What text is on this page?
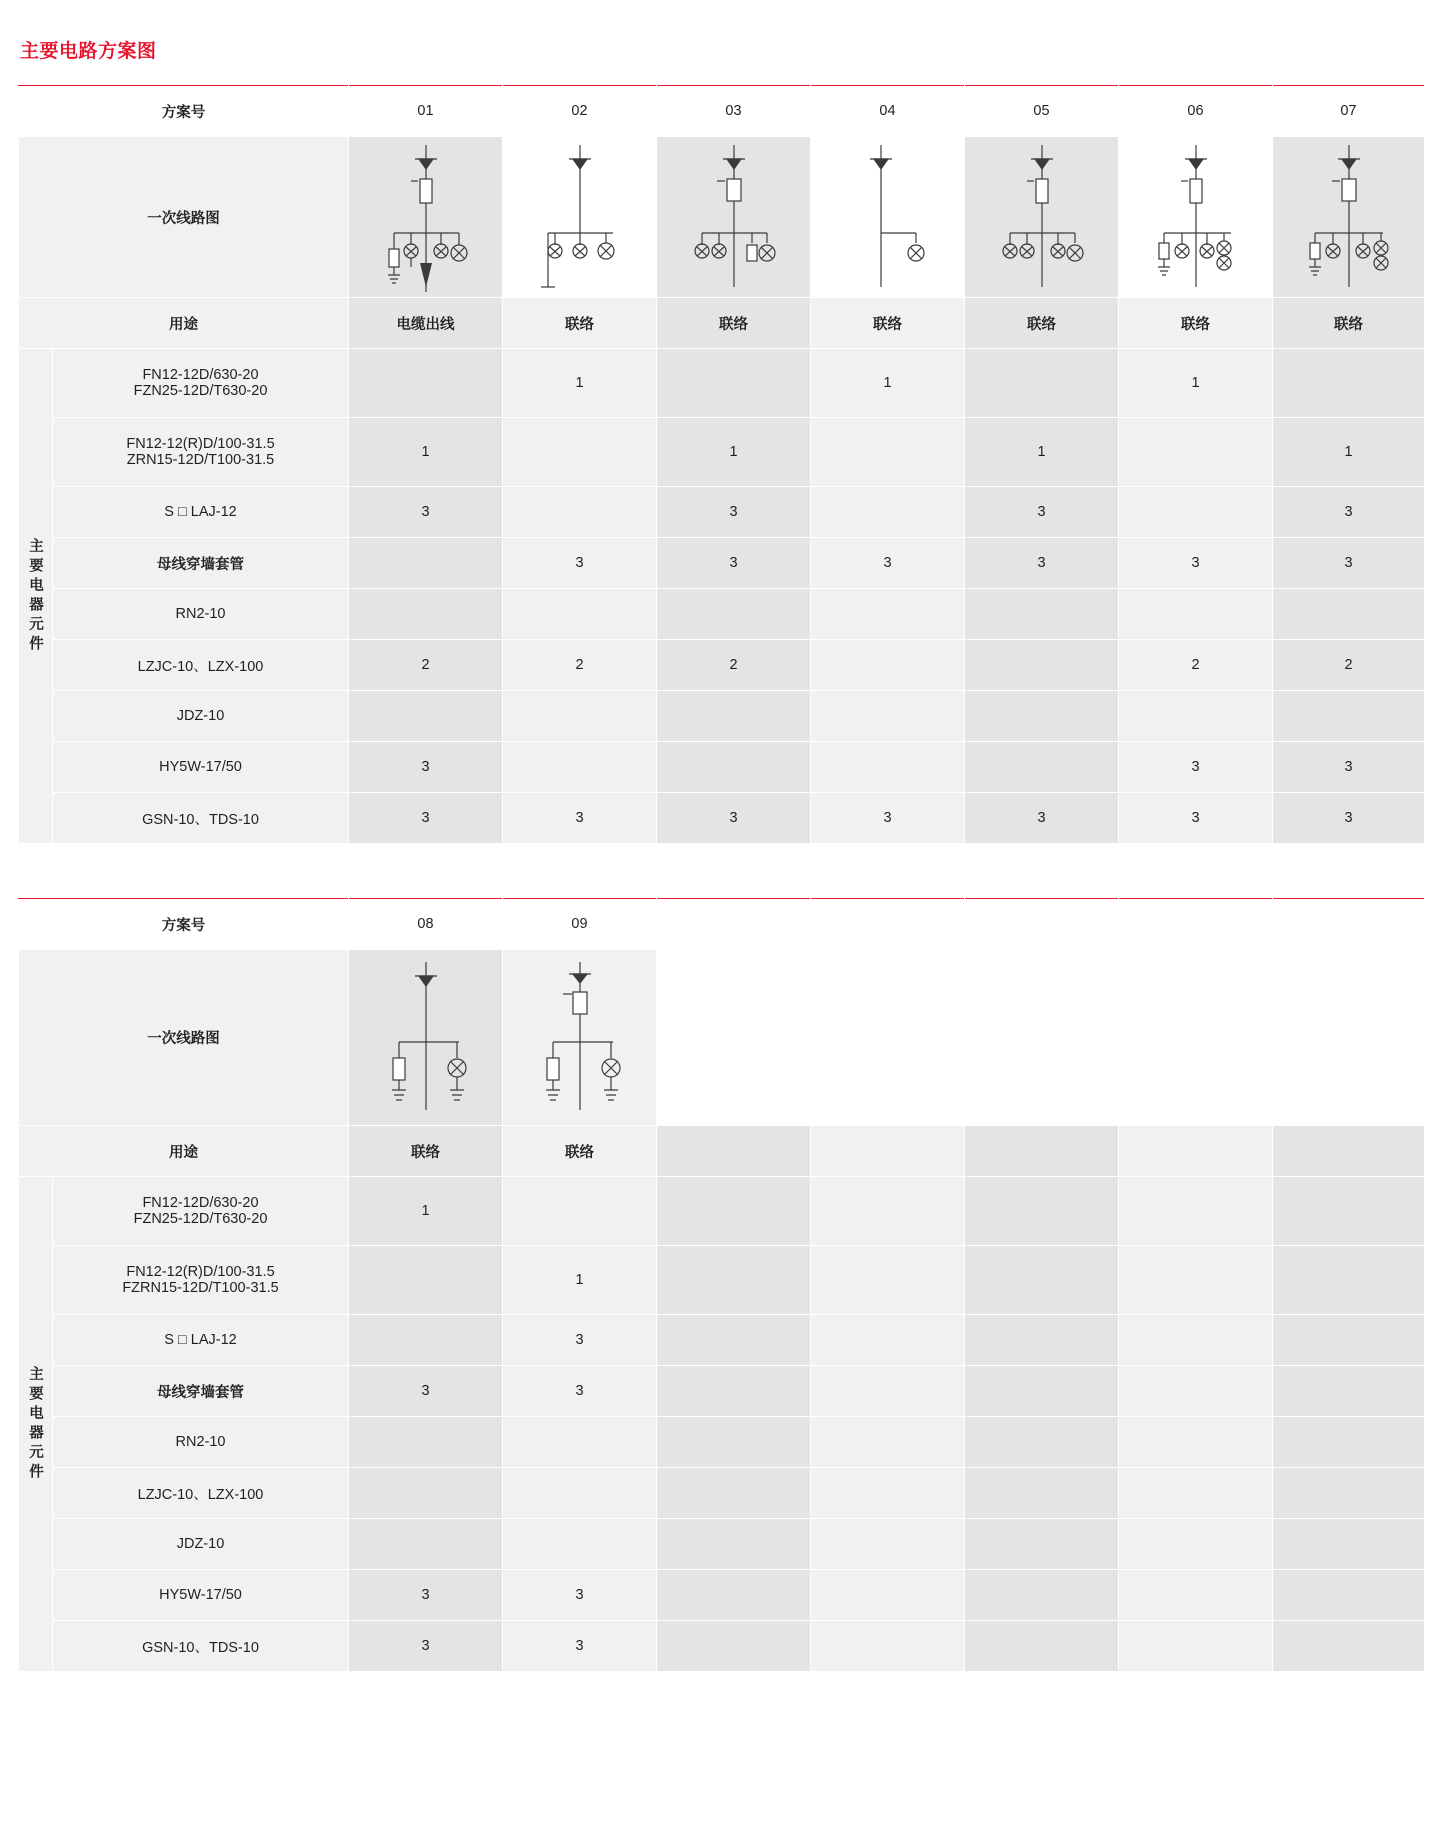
主要电路方案图
方案号		01	02	03	04	05	06	07
一次线路图	

用途		电缆出线	联络	联络	联络	联络	联络	联络
主要电器元件	FN12-12D/630-20
FZN25-12D/T630-20		1		1		1	

	FN12-12(R)D/100-31.5
ZRN15-12D/T100-31.5	1		1		1		1
	S □ LAJ-12	3		3		3		3
	母线穿墙套管		3	3	3	3	3	3
	RN2-10							
	LZJC-10、LZX-100	2	2	2			2	2
	JDZ-10							
	HY5W-17/50	3					3	3
	GSN-10、TDS-10	3	3	3	3	3	3	3
方案号		08	09					
一次线路图	

用途		联络	联络					
主要电器元件	FN12-12D/630-20
FZN25-12D/T630-20	1						

	FN12-12(R)D/100-31.5
FZRN15-12D/T100-31.5		1					
	S □ LAJ-12		3					
	母线穿墙套管	3	3					
	RN2-10							
	LZJC-10、LZX-100							
	JDZ-10							
	HY5W-17/50	3	3					
	GSN-10、TDS-10	3	3					
